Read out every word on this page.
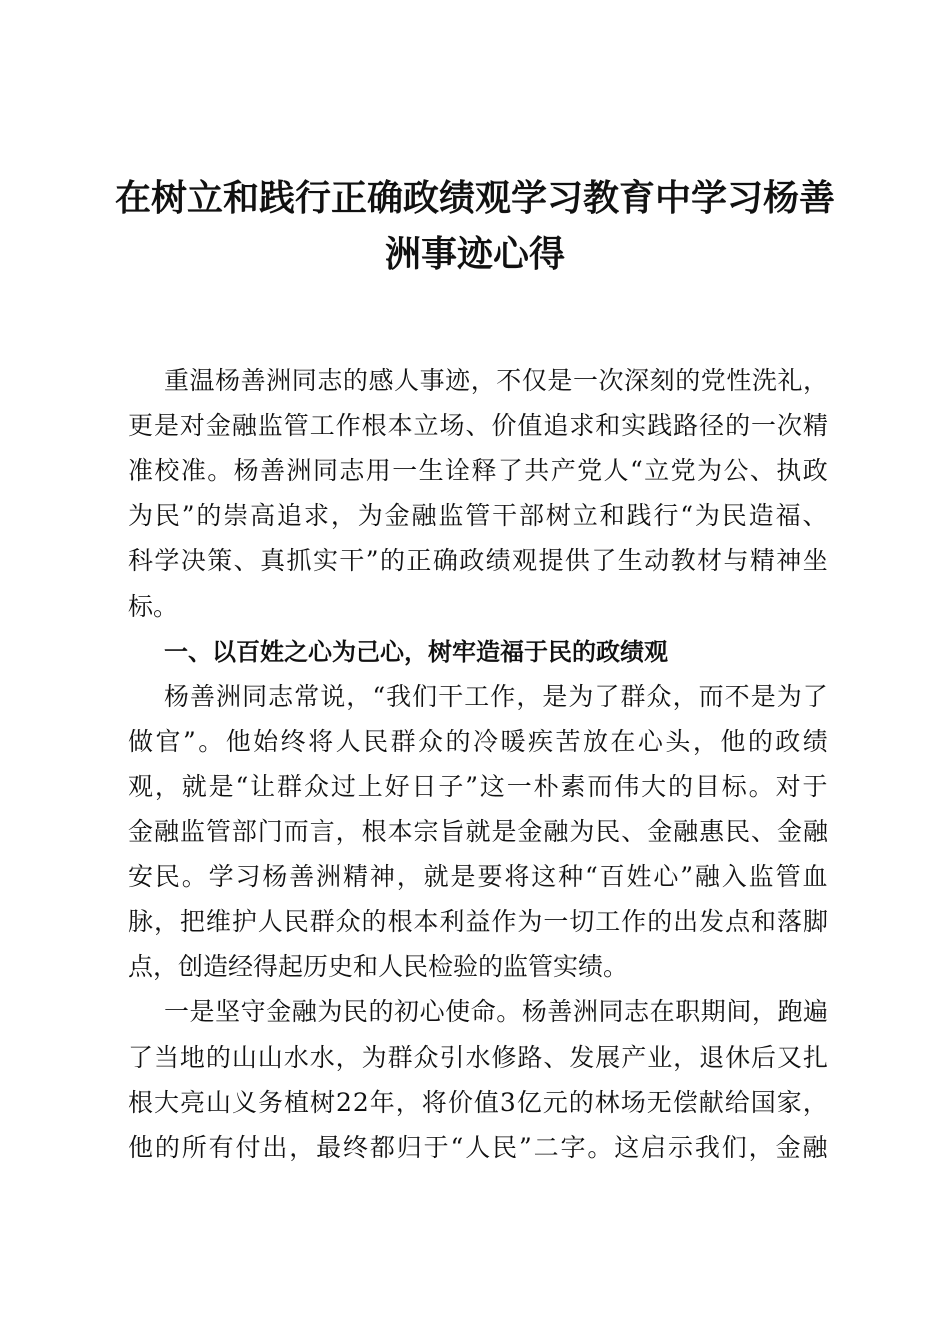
在树立和践行正确政绩观学习教育中学习杨善
洲事迹心得
重温杨善洲同志的感人事迹，不仅是一次深刻的党性洗礼，
更是对金融监管工作根本立场、价值追求和实践路径的一次精
准校准。杨善洲同志用一生诠释了共产党人“立党为公、执政
为民”的崇高追求，为金融监管干部树立和践行“为民造福、
科学决策、真抓实干”的正确政绩观提供了生动教材与精神坐
标。
一、以百姓之心为己心，树牢造福于民的政绩观
杨善洲同志常说，“我们干工作，是为了群众，而不是为了
做官”。他始终将人民群众的冷暖疾苦放在心头，他的政绩
观，就是“让群众过上好日子”这一朴素而伟大的目标。对于
金融监管部门而言，根本宗旨就是金融为民、金融惠民、金融
安民。学习杨善洲精神，就是要将这种“百姓心”融入监管血
脉，把维护人民群众的根本利益作为一切工作的出发点和落脚
点，创造经得起历史和人民检验的监管实绩。
一是坚守金融为民的初心使命。杨善洲同志在职期间，跑遍
了当地的山山水水，为群众引水修路、发展产业，退休后又扎
根大亮山义务植树22年，将价值3亿元的林场无偿献给国家，
他的所有付出，最终都归于“人民”二字。这启示我们，金融
